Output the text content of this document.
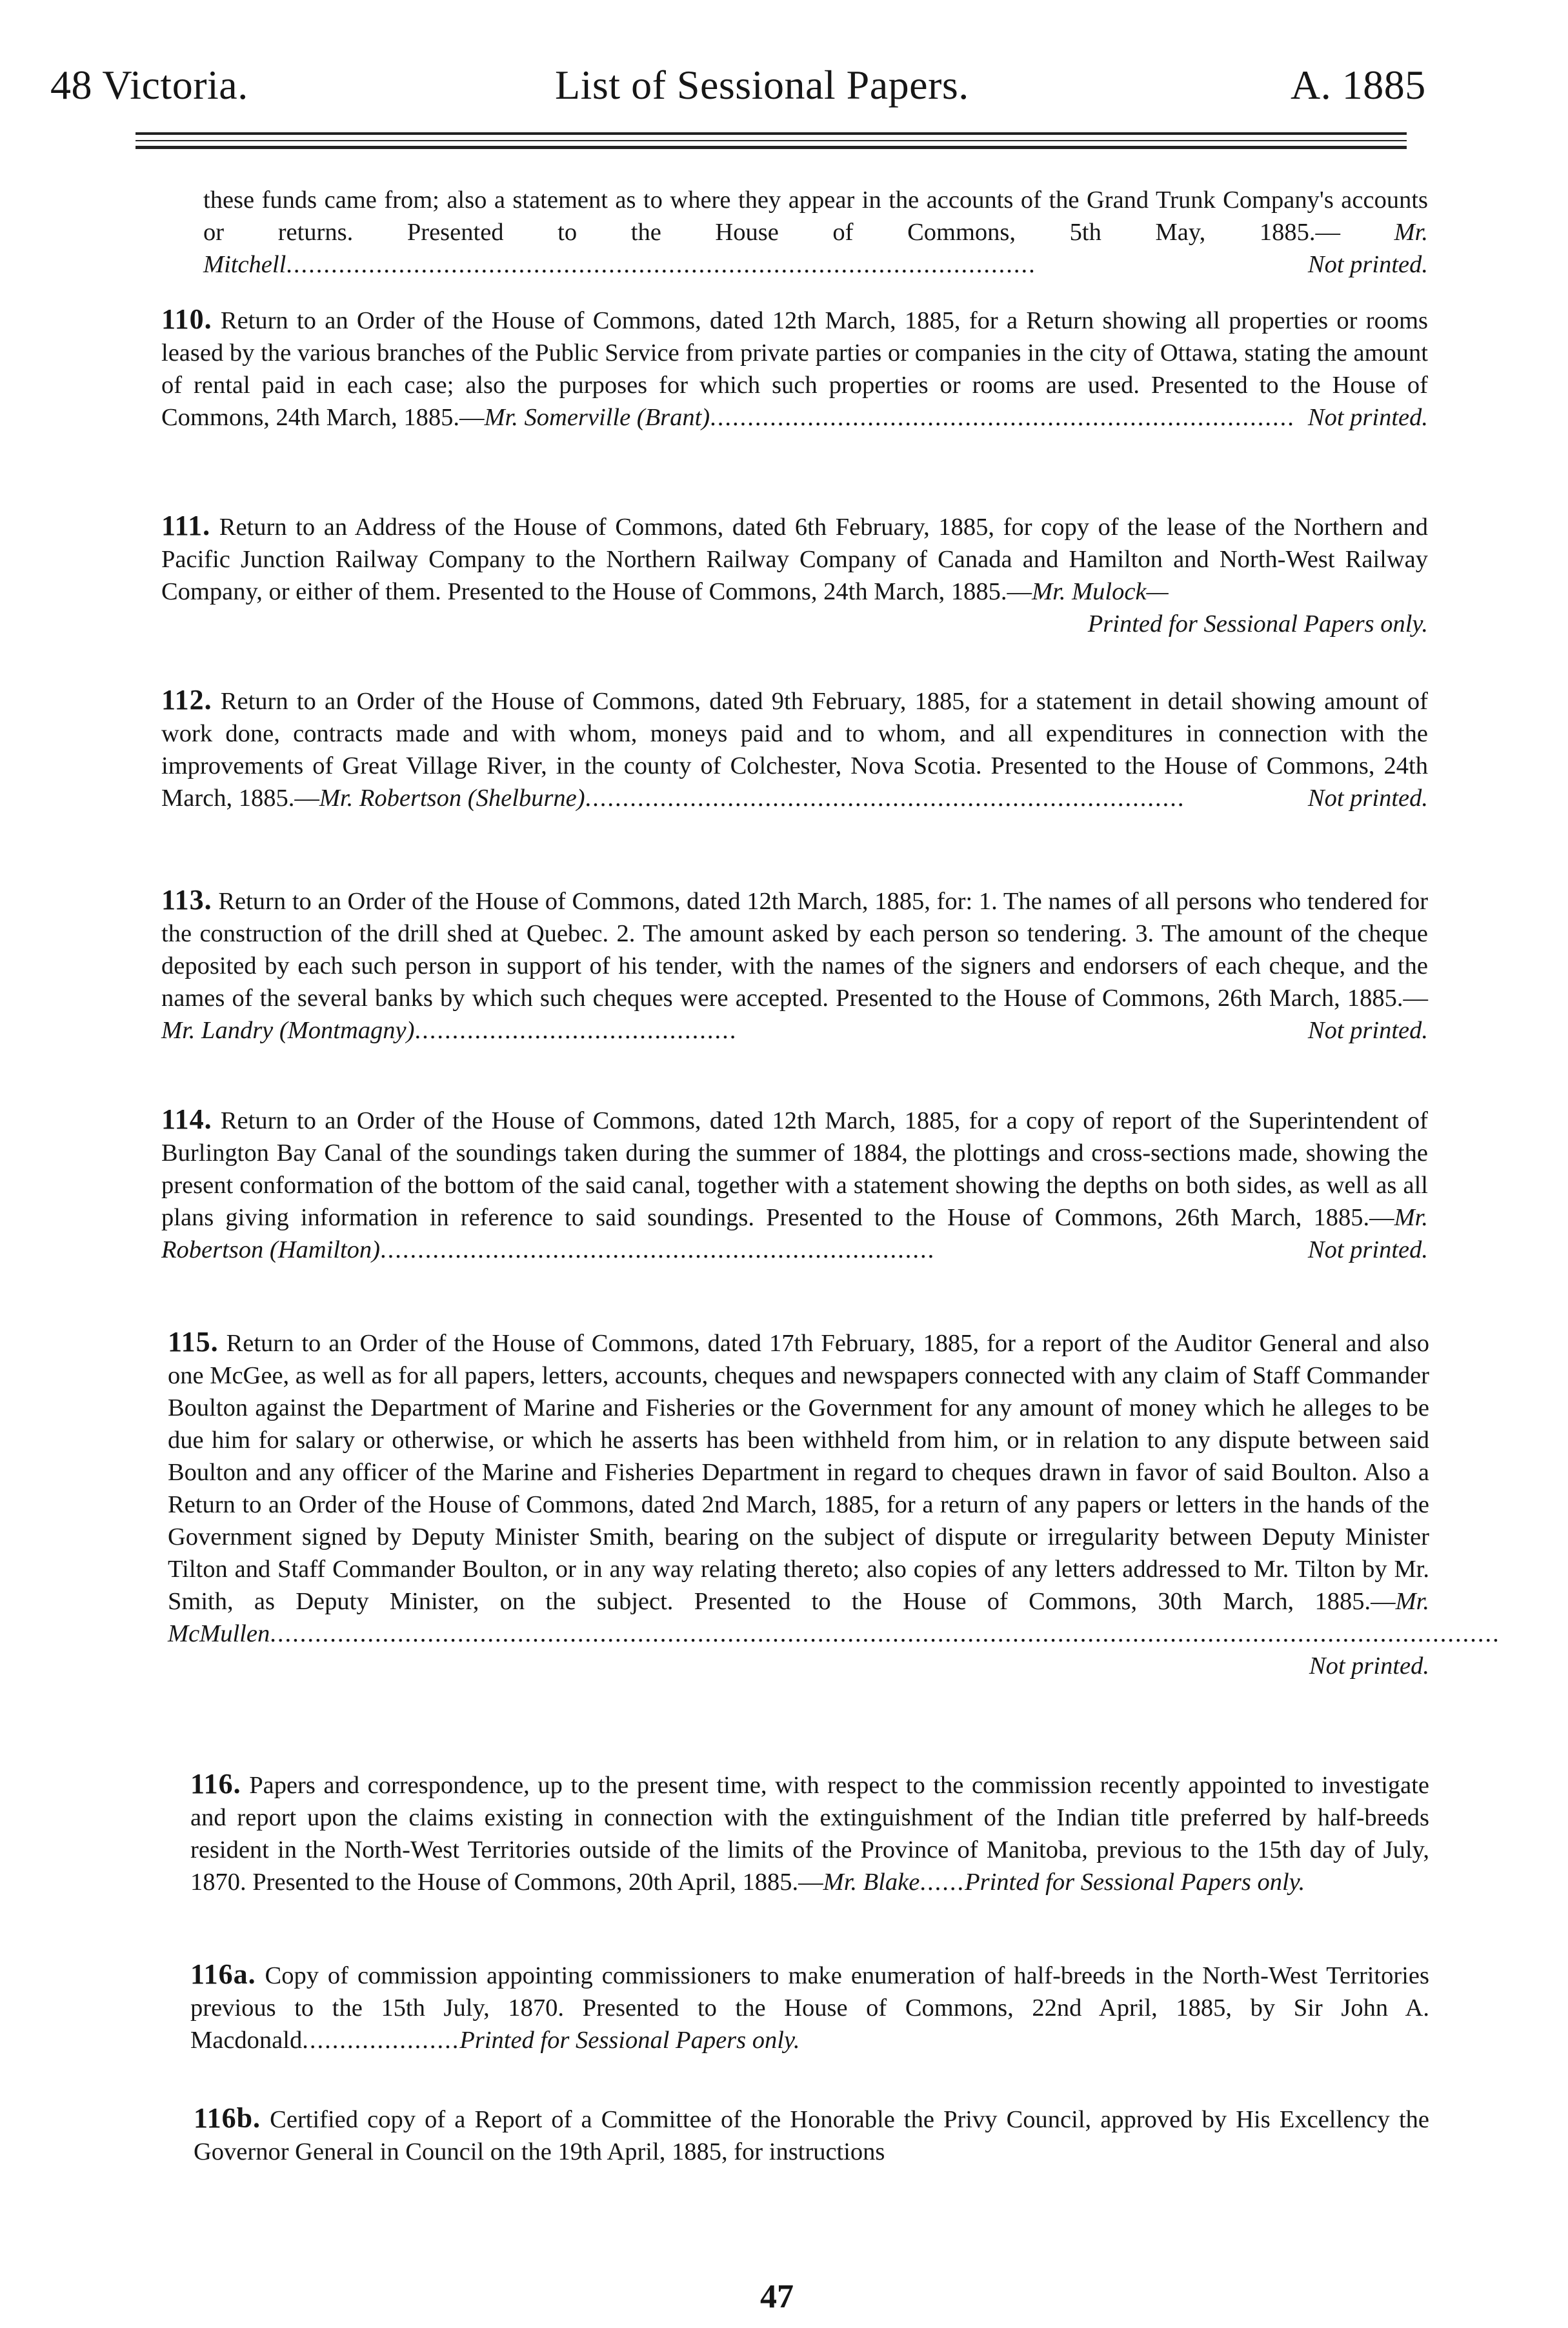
48 Victoria.	List of Sessional Papers.	A. 1885
these funds came from; also a statement as to where they appear in the accounts of the Grand Trunk Company's accounts or returns. Presented to the House of Commons, 5th May, 1885.— Mr. Mitchell....................................................................................................	Not printed.
110. Return to an Order of the House of Commons, dated 12th March, 1885, for a Return showing all properties or rooms leased by the various branches of the Public Service from private parties or companies in the city of Ottawa, stating the amount of rental paid in each case; also the purposes for which such properties or rooms are used. Presented to the House of Commons, 24th March, 1885.—Mr. Somerville (Brant).............................................................................. Not printed.
111. Return to an Address of the House of Commons, dated 6th February, 1885, for copy of the lease of the Northern and Pacific Junction Railway Company to the Northern Railway Company of Canada and Hamilton and North-West Railway Company, or either of them. Presented to the House of Commons, 24th March, 1885.—Mr. Mulock—
Printed for Sessional Papers only.
112. Return to an Order of the House of Commons, dated 9th February, 1885, for a statement in detail showing amount of work done, contracts made and with whom, moneys paid and to whom, and all expenditures in connection with the improvements of Great Village River, in the county of Colchester, Nova Scotia. Presented to the House of Commons, 24th March, 1885.—Mr. Robertson (Shelburne)................................................................................	Not printed.
113. Return to an Order of the House of Commons, dated 12th March, 1885, for: 1. The names of all persons who tendered for the construction of the drill shed at Quebec. 2. The amount asked by each person so tendering. 3. The amount of the cheque deposited by each such person in support of his tender, with the names of the signers and endorsers of each cheque, and the names of the several banks by which such cheques were accepted. Presented to the House of Commons, 26th March, 1885.—Mr. Landry (Montmagny)...........................................	Not printed.
114. Return to an Order of the House of Commons, dated 12th March, 1885, for a copy of report of the Superintendent of Burlington Bay Canal of the soundings taken during the summer of 1884, the plottings and cross-sections made, showing the present conformation of the bottom of the said canal, together with a statement showing the depths on both sides, as well as all plans giving information in reference to said soundings. Presented to the House of Commons, 26th March, 1885.—Mr. Robertson (Hamilton)..........................................................................	Not printed.
115. Return to an Order of the House of Commons, dated 17th February, 1885, for a report of the Auditor General and also one McGee, as well as for all papers, letters, accounts, cheques and newspapers connected with any claim of Staff Commander Boulton against the Department of Marine and Fisheries or the Government for any amount of money which he alleges to be due him for salary or otherwise, or which he asserts has been withheld from him, or in relation to any dispute between said Boulton and any officer of the Marine and Fisheries Department in regard to cheques drawn in favor of said Boulton. Also a Return to an Order of the House of Commons, dated 2nd March, 1885, for a return of any papers or letters in the hands of the Government signed by Deputy Minister Smith, bearing on the subject of dispute or irregularity between Deputy Minister Tilton and Staff Commander Boulton, or in any way relating thereto; also copies of any letters addressed to Mr. Tilton by Mr. Smith, as Deputy Minister, on the subject. Presented to the House of Commons, 30th March, 1885.—Mr. McMullen....................................................................................................................................................................
Not printed.
116. Papers and correspondence, up to the present time, with respect to the commission recently appointed to investigate and report upon the claims existing in connection with the extinguishment of the Indian title preferred by half-breeds resident in the North-West Territories outside of the limits of the Province of Manitoba, previous to the 15th day of July, 1870. Presented to the House of Commons, 20th April, 1885.—Mr. Blake......Printed for Sessional Papers only.
116a. Copy of commission appointing commissioners to make enumeration of half-breeds in the North-West Territories previous to the 15th July, 1870. Presented to the House of Commons, 22nd April, 1885, by Sir John A. Macdonald.....................Printed for Sessional Papers only.
116b. Certified copy of a Report of a Committee of the Honorable the Privy Council, approved by His Excellency the Governor General in Council on the 19th April, 1885, for instructions
47
